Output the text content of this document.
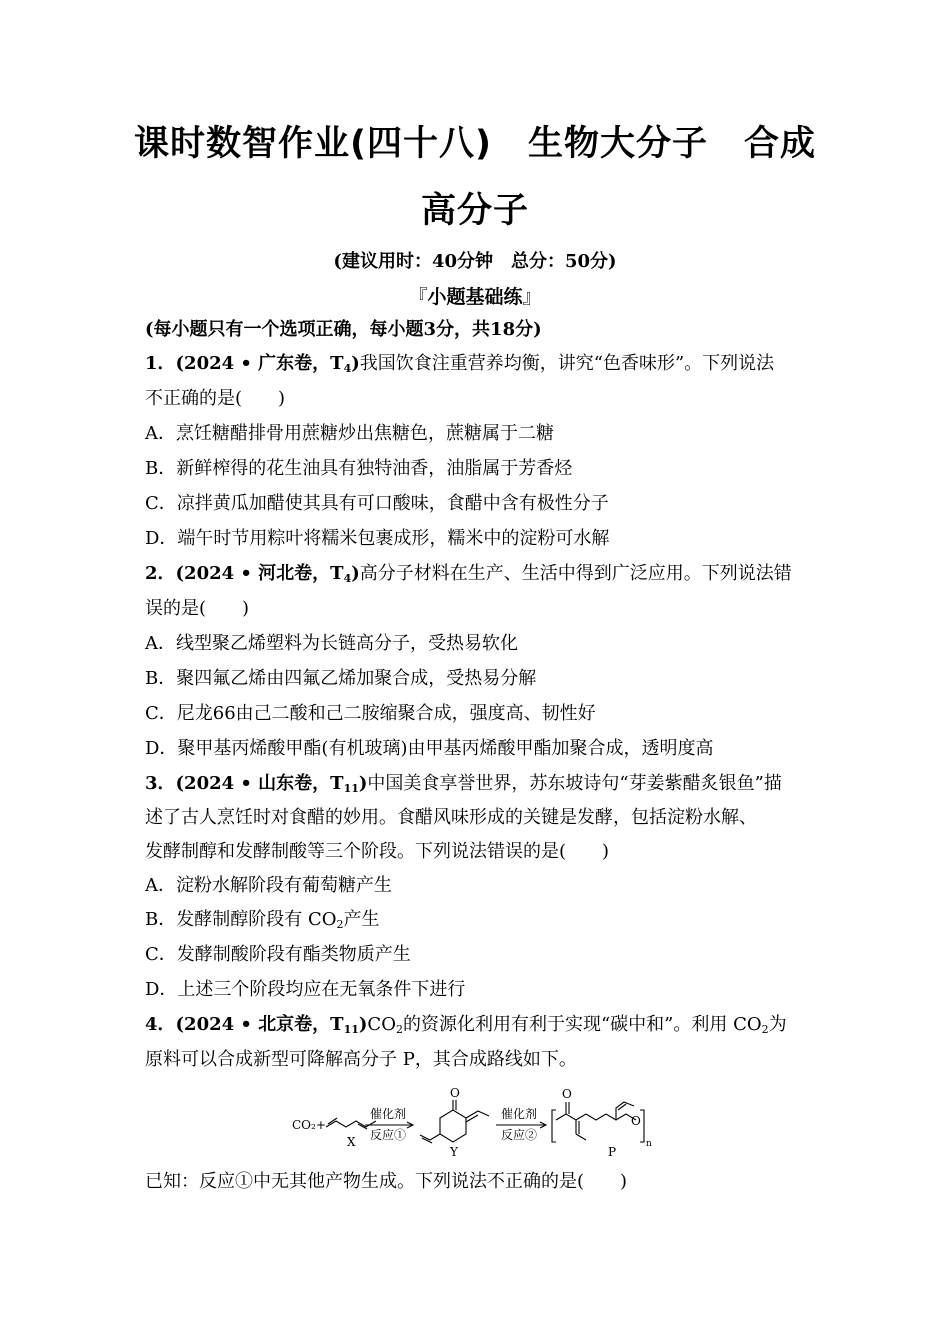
课时数智作业(四十八)　生物大分子　合成
高分子
(建议用时：40分钟　总分：50分)
『小题基础练』
(每小题只有一个选项正确，每小题3分，共18分)
1．(2024 • 广东卷，$T_4$)我国饮食注重营养均衡，讲究“色香味形”。下列说法
不正确的是(　　)
A．烹饪糖醋排骨用蔗糖炒出焦糖色，蔗糖属于二糖
B．新鲜榨得的花生油具有独特油香，油脂属于芳香烃
C．凉拌黄瓜加醋使其具有可口酸味，食醋中含有极性分子
D．端午时节用粽叶将糯米包裹成形，糯米中的淀粉可水解
2．(2024 • 河北卷，$T_4$)高分子材料在生产、生活中得到广泛应用。下列说法错
误的是(　　)
A．线型聚乙烯塑料为长链高分子，受热易软化
B．聚四氟乙烯由四氟乙烯加聚合成，受热易分解
C．尼龙66由己二酸和己二胺缩聚合成，强度高、韧性好
D．聚甲基丙烯酸甲酯(有机玻璃)由甲基丙烯酸甲酯加聚合成，透明度高
3．(2024 • 山东卷，$T_{11}$)中国美食享誉世界，苏东坡诗句“芽姜紫醋炙银鱼”描
述了古人烹饪时对食醋的妙用。食醋风味形成的关键是发酵，包括淀粉水解、
发酵制醇和发酵制酸等三个阶段。下列说法错误的是(　　)
A．淀粉水解阶段有葡萄糖产生
B．发酵制醇阶段有 $CO_2$产生
C．发酵制酸阶段有酯类物质产生
D．上述三个阶段均应在无氧条件下进行
4．(2024 • 北京卷，$T_{11})CO_2$的资源化利用有利于实现“碳中和”。利用 $CO_2$为
原料可以合成新型可降解高分子 P，其合成路线如下。
CO₂+
X
催化剂
反应①
O
Y
催化剂
反应②
O
O
n
P
已知：反应①中无其他产物生成。下列说法不正确的是(　　)
